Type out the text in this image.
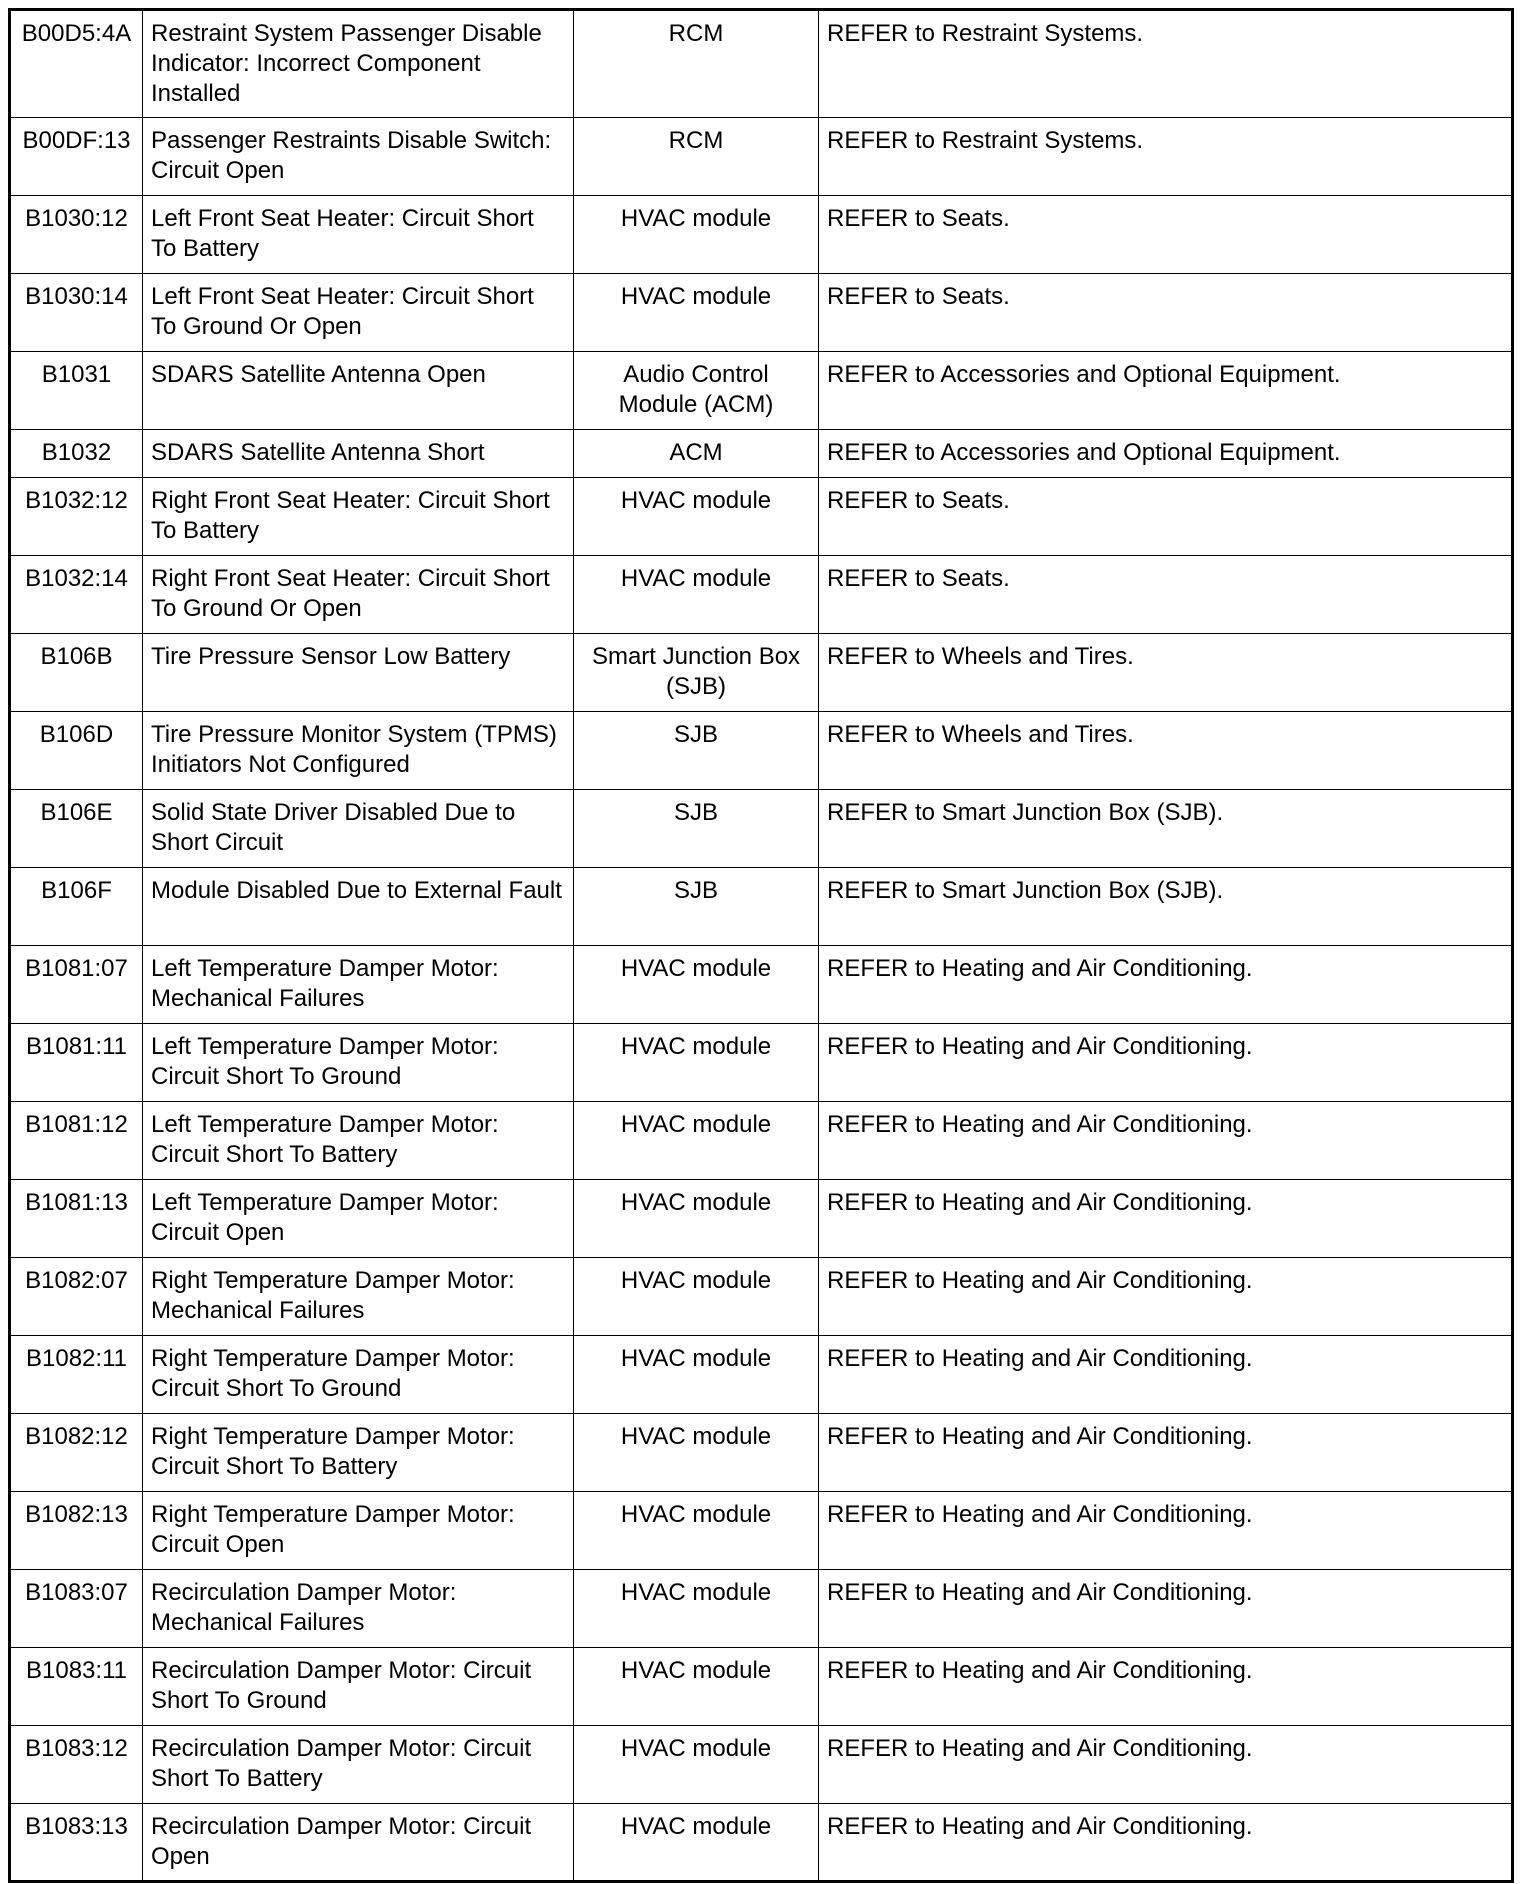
B00D5:4A	Restraint System Passenger Disable Indicator: Incorrect Component Installed	RCM	REFER to Restraint Systems.
B00DF:13	Passenger Restraints Disable Switch: Circuit Open	RCM	REFER to Restraint Systems.
B1030:12	Left Front Seat Heater: Circuit Short To Battery	HVAC module	REFER to Seats.
B1030:14	Left Front Seat Heater: Circuit Short To Ground Or Open	HVAC module	REFER to Seats.
B1031	SDARS Satellite Antenna Open	Audio Control Module (ACM)	REFER to Accessories and Optional Equipment.
B1032	SDARS Satellite Antenna Short	ACM	REFER to Accessories and Optional Equipment.
B1032:12	Right Front Seat Heater: Circuit Short To Battery	HVAC module	REFER to Seats.
B1032:14	Right Front Seat Heater: Circuit Short To Ground Or Open	HVAC module	REFER to Seats.
B106B	Tire Pressure Sensor Low Battery	Smart Junction Box (SJB)	REFER to Wheels and Tires.
B106D	Tire Pressure Monitor System (TPMS) Initiators Not Configured	SJB	REFER to Wheels and Tires.
B106E	Solid State Driver Disabled Due to Short Circuit	SJB	REFER to Smart Junction Box (SJB).
B106F	Module Disabled Due to External Fault	SJB	REFER to Smart Junction Box (SJB).
B1081:07	Left Temperature Damper Motor: Mechanical Failures	HVAC module	REFER to Heating and Air Conditioning.
B1081:11	Left Temperature Damper Motor: Circuit Short To Ground	HVAC module	REFER to Heating and Air Conditioning.
B1081:12	Left Temperature Damper Motor: Circuit Short To Battery	HVAC module	REFER to Heating and Air Conditioning.
B1081:13	Left Temperature Damper Motor: Circuit Open	HVAC module	REFER to Heating and Air Conditioning.
B1082:07	Right Temperature Damper Motor: Mechanical Failures	HVAC module	REFER to Heating and Air Conditioning.
B1082:11	Right Temperature Damper Motor: Circuit Short To Ground	HVAC module	REFER to Heating and Air Conditioning.
B1082:12	Right Temperature Damper Motor: Circuit Short To Battery	HVAC module	REFER to Heating and Air Conditioning.
B1082:13	Right Temperature Damper Motor: Circuit Open	HVAC module	REFER to Heating and Air Conditioning.
B1083:07	Recirculation Damper Motor: Mechanical Failures	HVAC module	REFER to Heating and Air Conditioning.
B1083:11	Recirculation Damper Motor: Circuit Short To Ground	HVAC module	REFER to Heating and Air Conditioning.
B1083:12	Recirculation Damper Motor: Circuit Short To Battery	HVAC module	REFER to Heating and Air Conditioning.
B1083:13	Recirculation Damper Motor: Circuit Open	HVAC module	REFER to Heating and Air Conditioning.
